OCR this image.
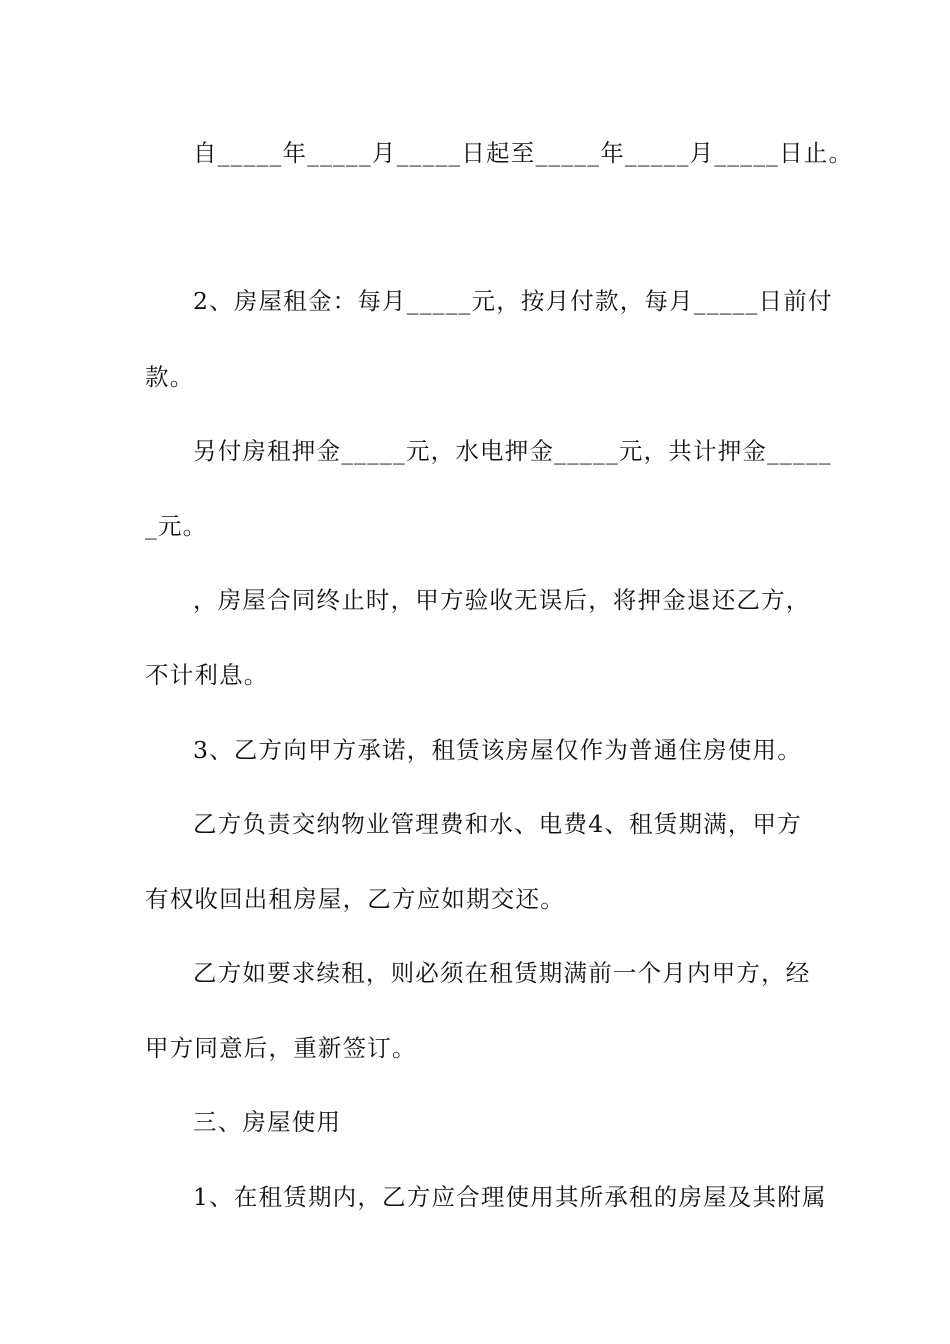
自_____年_____月_____日起至_____年_____月_____日止。
2、房屋租金：每月_____元，按月付款，每月_____日前付
款。
另付房租押金_____元，水电押金_____元，共计押金_____
_元。
，房屋合同终止时，甲方验收无误后，将押金退还乙方，
不计利息。
3、乙方向甲方承诺，租赁该房屋仅作为普通住房使用。
乙方负责交纳物业管理费和水、电费4、租赁期满，甲方
有权收回出租房屋，乙方应如期交还。
乙方如要求续租，则必须在租赁期满前一个月内甲方，经
甲方同意后，重新签订。
三、房屋使用
1、在租赁期内，乙方应合理使用其所承租的房屋及其附属
